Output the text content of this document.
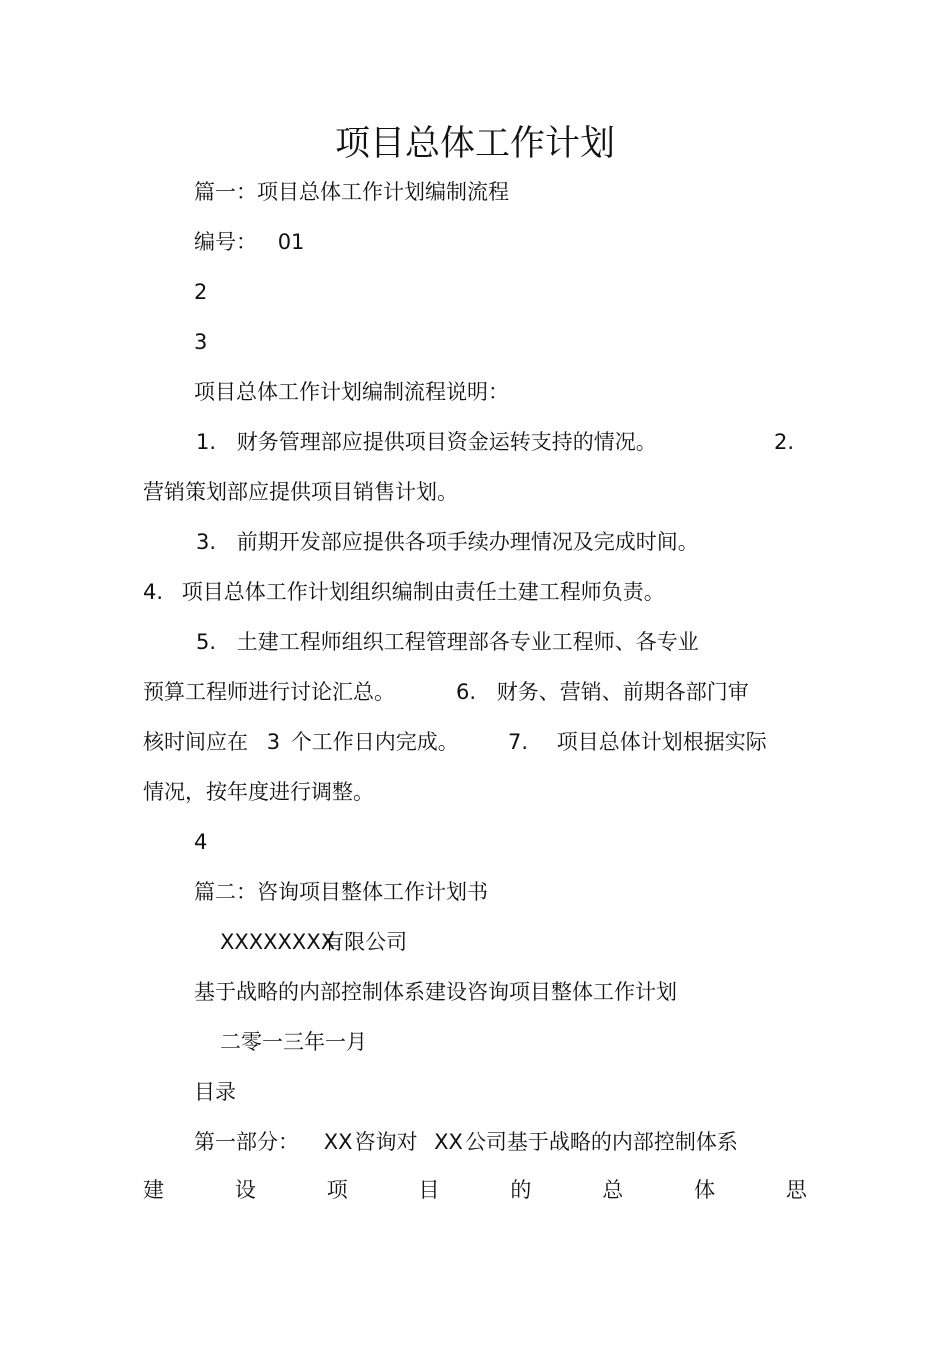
项目总体工作计划
篇一：项目总体工作计划编制流程
编号： 01
2
3
项目总体工作计划编制流程说明：
1. 财务管理部应提供项目资金运转支持的情况。	2.
营销策划部应提供项目销售计划。
3. 前期开发部应提供各项手续办理情况及完成时间。
4. 项目总体工作计划组织编制由责任土建工程师负责。
5. 土建工程师组织工程管理部各专业工程师、各专业
预算工程师进行讨论汇总。	6. 财务、营销、前期各部门审
核时间应在 3 个工作日内完成。 7. 项目总体计划根据实际
情况，按年度进行调整。
4
篇二：咨询项目整体工作计划书
XXXXXXXX有限公司
基于战略的内部控制体系建设咨询项目整体工作计划
二零一三年一月
目录
第一部分： XX咨询对 XX公司基于战略的内部控制体系
建	设	项	目	的	总	体	思
